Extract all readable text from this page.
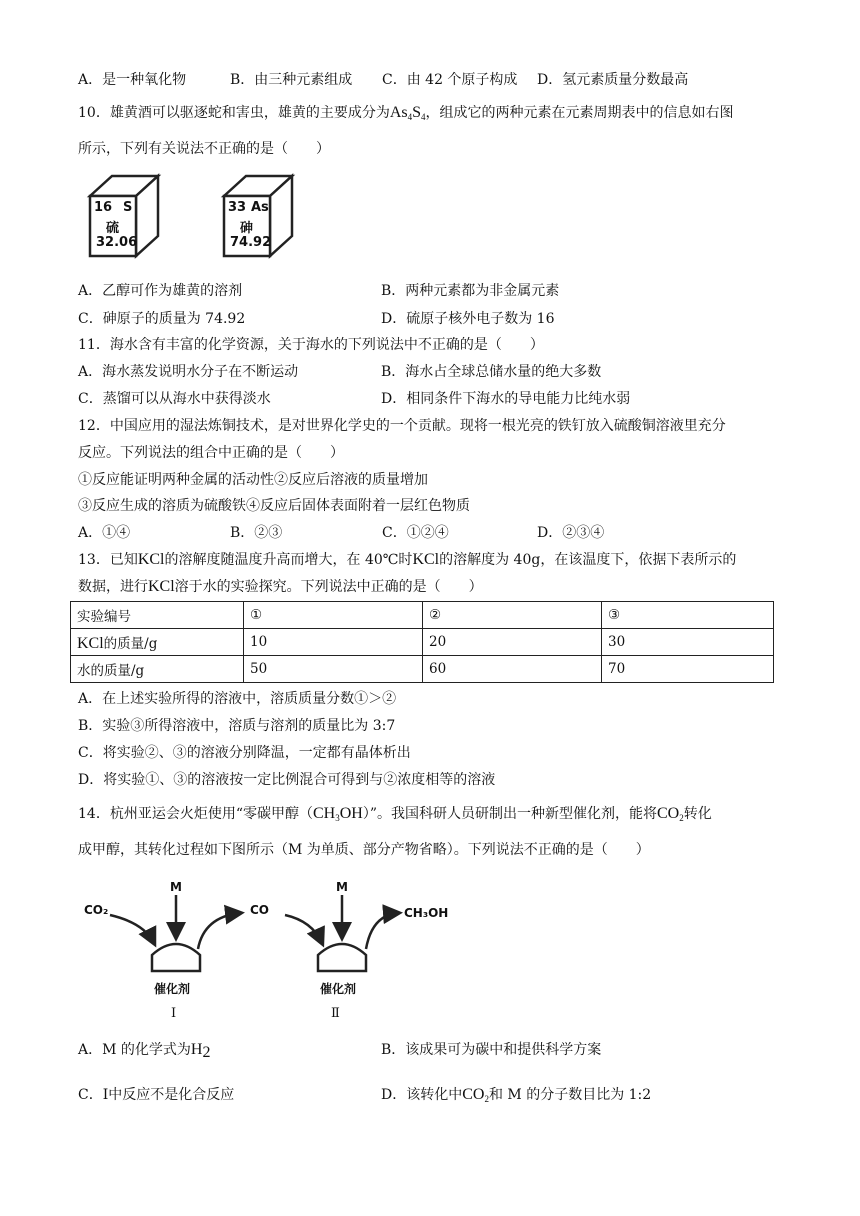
A．是一种氧化物	B．由三种元素组成 C．由 42 个原子构成 D．氢元素质量分数最高
10．雄黄酒可以驱逐蛇和害虫，雄黄的主要成分为$As_4S_4$，组成它的两种元素在元素周期表中的信息如右图
所示，下列有关说法不正确的是（　　）
16 S
硫
32.06
33 As
砷
74.92
A．乙醇可作为雄黄的溶剂	B．两种元素都为非金属元素
C．砷原子的质量为 74.92	D．硫原子核外电子数为 16
11．海水含有丰富的化学资源，关于海水的下列说法中不正确的是（　　）
A．海水蒸发说明水分子在不断运动	B．海水占全球总储水量的绝大多数
C．蒸馏可以从海水中获得淡水	D．相同条件下海水的导电能力比纯水弱
12．中国应用的湿法炼铜技术，是对世界化学史的一个贡献。现将一根光亮的铁钉放入硫酸铜溶液里充分
反应。下列说法的组合中正确的是（　　）
①反应能证明两种金属的活动性②反应后溶液的质量增加
③反应生成的溶质为硫酸铁④反应后固体表面附着一层红色物质
A．①④	B．②③	C．①②④	D．②③④
13．已知KCl的溶解度随温度升高而增大，在 40℃时KCl的溶解度为 40g，在该温度下，依据下表所示的
数据，进行KCl溶于水的实验探究。下列说法中正确的是（　　）
实验编号	①	②	③
KCl的质量/g	10	20	30
水的质量/g	50	60	70
A．在上述实验所得的溶液中，溶质质量分数①＞②
B．实验③所得溶液中，溶质与溶剂的质量比为 3:7
C．将实验②、③的溶液分别降温，一定都有晶体析出
D．将实验①、③的溶液按一定比例混合可得到与②浓度相等的溶液
14．杭州亚运会火炬使用“零碳甲醇$(CH_3OH)$”。我国科研人员研制出一种新型催化剂，能将$CO_2$转化
成甲醇，其转化过程如下图所示（M 为单质、部分产物省略）。下列说法不正确的是（　　）
CO₂
M
CO
M
CH₃OH
催化剂	催化剂
Ⅰ	Ⅱ
A．M 的化学式为H2	B．该成果可为碳中和提供科学方案
C．Ⅰ中反应不是化合反应	D．该转化中$CO_2$和 M 的分子数目比为 1:2
